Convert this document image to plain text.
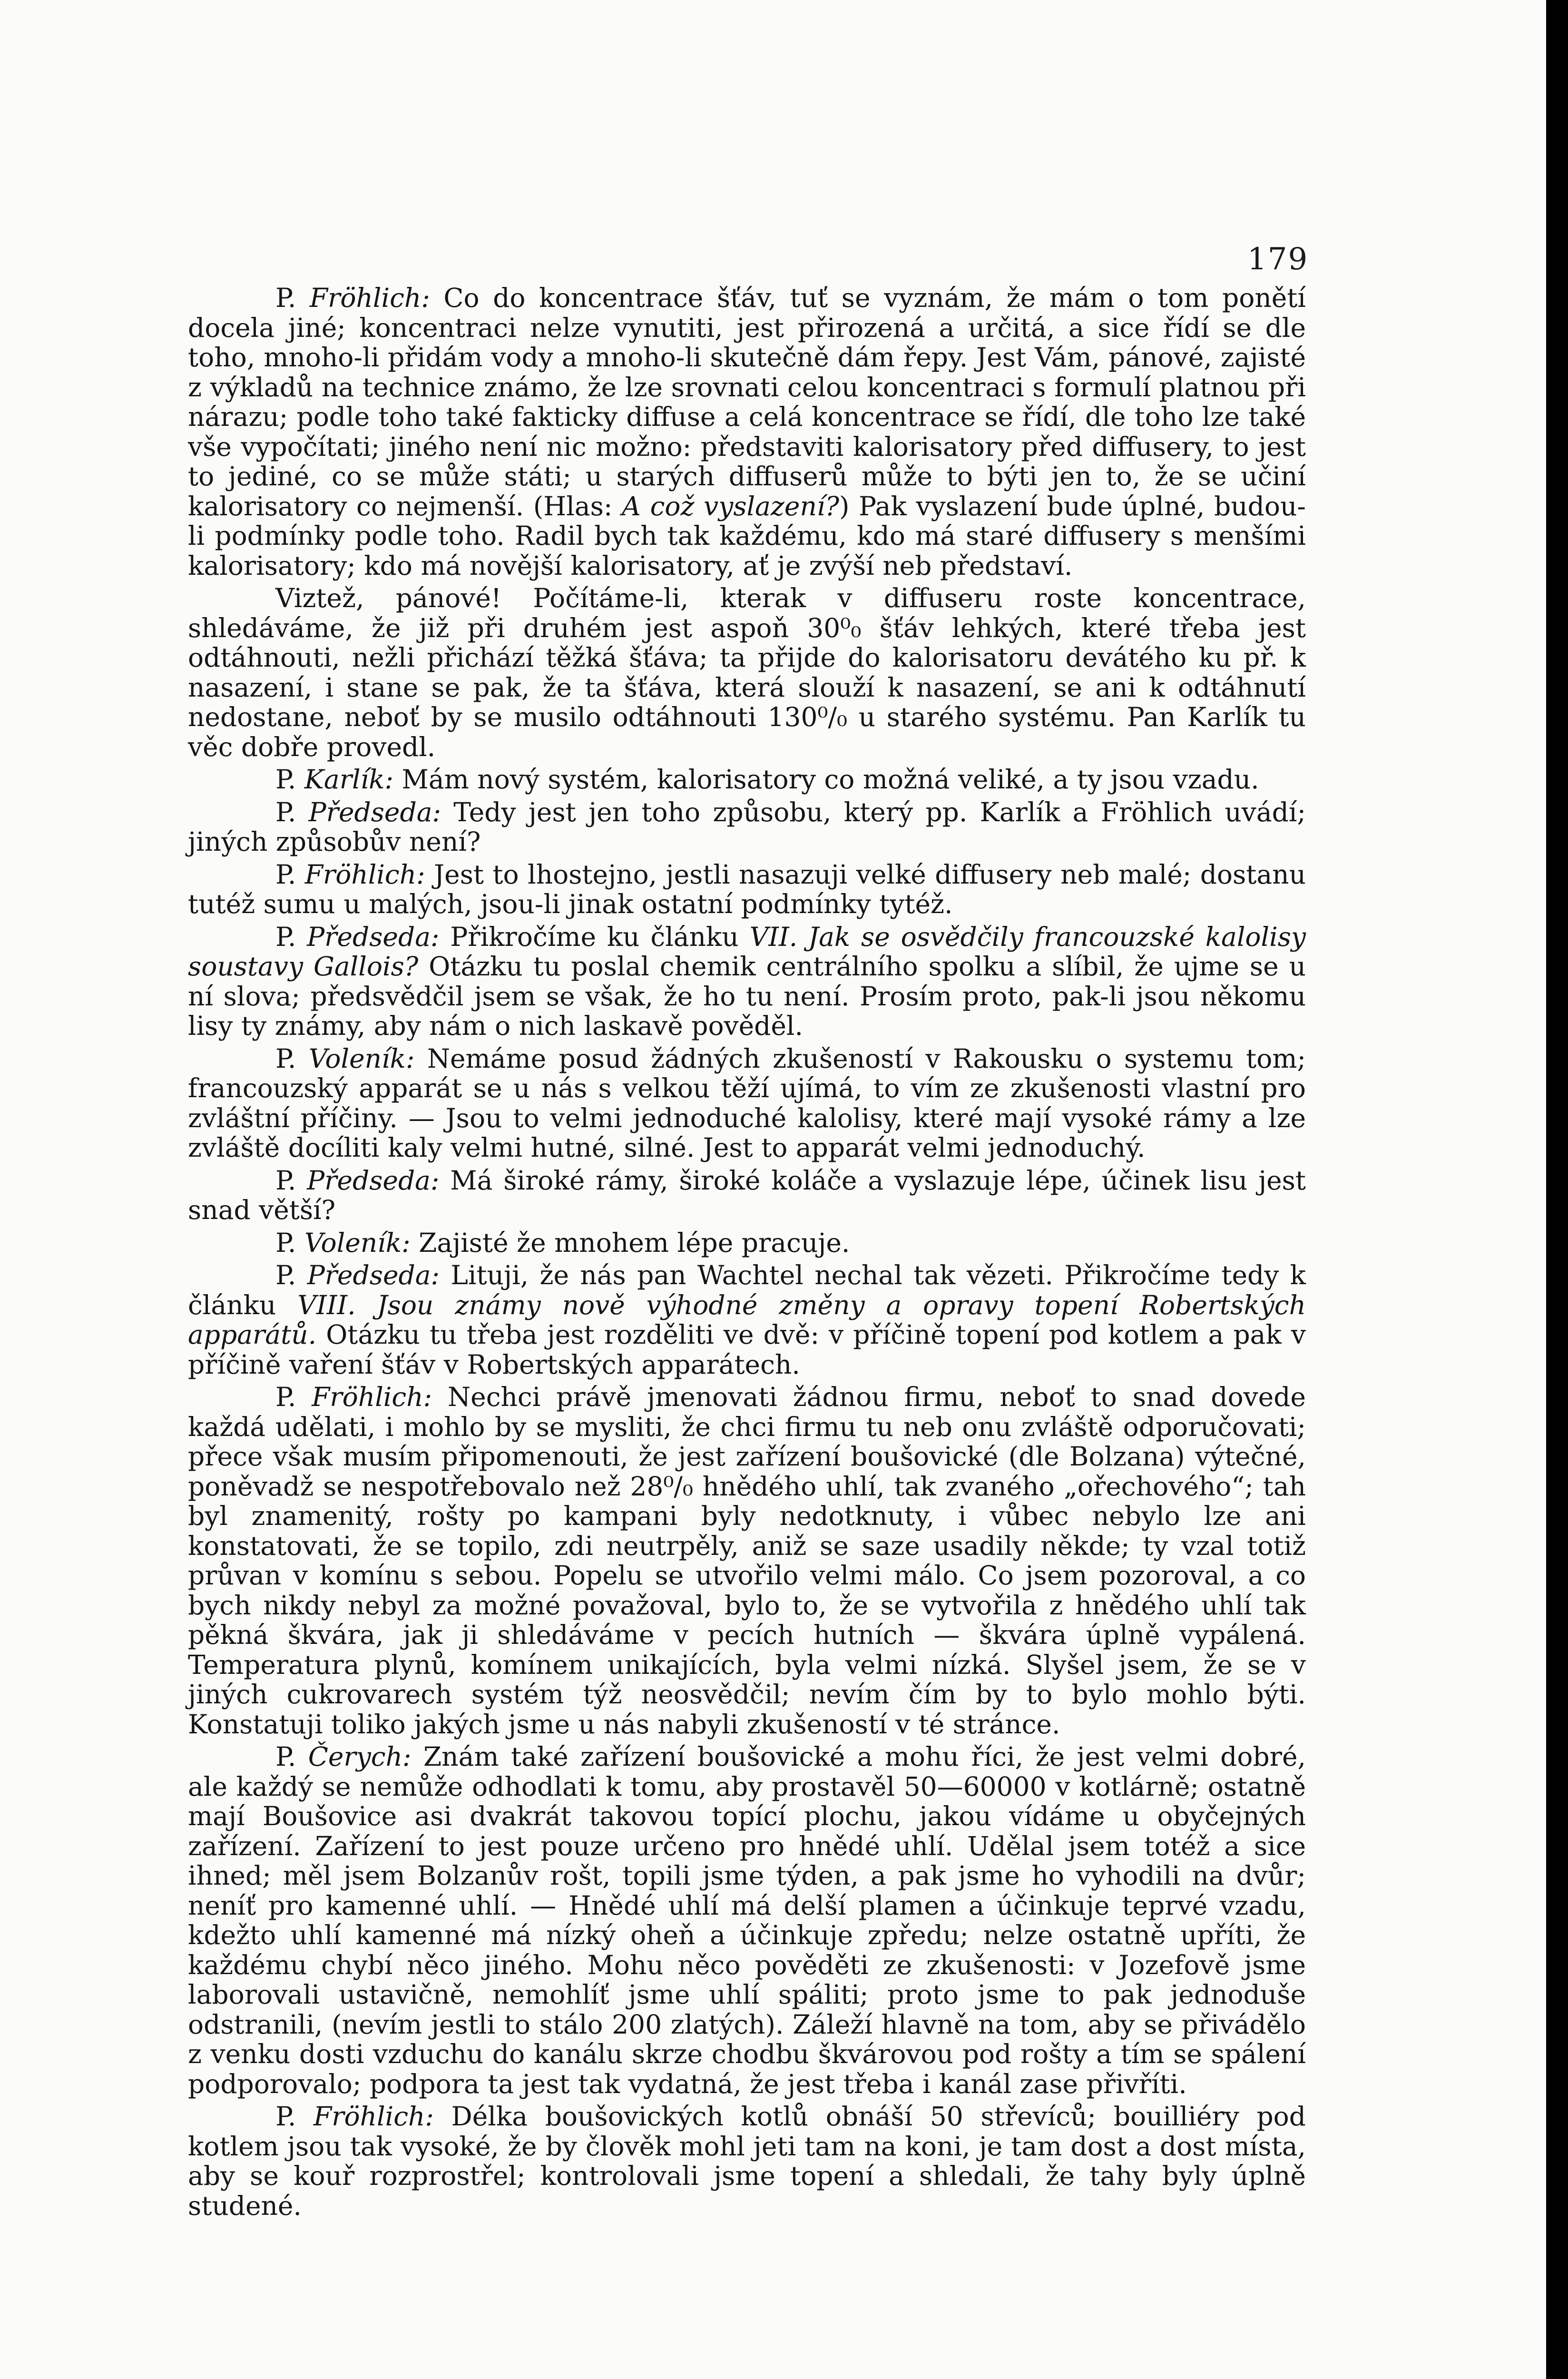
179

P. Fröhlich: Co do koncentrace šťáv, tuť se vyznám, že mám o tom ponětí docela jiné; koncentraci nelze vynutiti, jest přirozená a určitá, a sice řídí se dle toho, mnoho-li přidám vody a mnoho-li skutečně dám řepy. Jest Vám, pánové, zajisté z výkladů na technice známo, že lze srovnati celou koncentraci s formulí platnou při nárazu; podle toho také fakticky diffuse a celá koncentrace se řídí, dle toho lze také vše vypočítati; jiného není nic možno: představiti kalorisatory před diffusery, to jest to jediné, co se může státi; u starých diffuserů může to býti jen to, že se učiní kalorisatory co nejmenší. (Hlas: A což vyslazení?) Pak vyslazení bude úplné, budou-li podmínky podle toho. Radil bych tak každému, kdo má staré diffusery s menšími kalorisatory; kdo má novější kalorisatory, ať je zvýší neb představí.

Viztež, pánové! Počítáme-li, kterak v diffuseru roste koncentrace, shledáváme, že již při druhém jest aspoň 30⁰₀ šťáv lehkých, které třeba jest odtáhnouti, nežli přichází těžká šťáva; ta přijde do kalorisatoru devátého ku př. k nasazení, i stane se pak, že ta šťáva, která slouží k nasazení, se ani k odtáhnutí nedostane, neboť by se musilo odtáhnouti 130⁰/₀ u starého systému. Pan Karlík tu věc dobře provedl.

P. Karlík: Mám nový systém, kalorisatory co možná veliké, a ty jsou vzadu.

P. Předseda: Tedy jest jen toho způsobu, který pp. Karlík a Fröhlich uvádí; jiných způsobův není?

P. Fröhlich: Jest to lhostejno, jestli nasazuji velké diffusery neb malé; dostanu tutéž sumu u malých, jsou-li jinak ostatní podmínky tytéž.

P. Předseda: Přikročíme ku článku VII. Jak se osvědčily francouzské kalolisy soustavy Gallois? Otázku tu poslal chemik centrálního spolku a slíbil, že ujme se u ní slova; předsvědčil jsem se však, že ho tu není. Prosím proto, pak-li jsou někomu lisy ty známy, aby nám o nich laskavě pověděl.

P. Voleník: Nemáme posud žádných zkušeností v Rakousku o systemu tom; francouzský apparát se u nás s velkou těží ujímá, to vím ze zkušenosti vlastní pro zvláštní příčiny. — Jsou to velmi jednoduché kalolisy, které mají vysoké rámy a lze zvláště docíliti kaly velmi hutné, silné. Jest to apparát velmi jednoduchý.

P. Předseda: Má široké rámy, široké koláče a vyslazuje lépe, účinek lisu jest snad větší?

P. Voleník: Zajisté že mnohem lépe pracuje.

P. Předseda: Lituji, že nás pan Wachtel nechal tak vězeti. Přikročíme tedy k článku VIII. Jsou známy nově výhodné změny a opravy topení Robertských apparátů. Otázku tu třeba jest rozděliti ve dvě: v příčině topení pod kotlem a pak v příčině vaření šťáv v Robertských apparátech.

P. Fröhlich: Nechci právě jmenovati žádnou firmu, neboť to snad dovede každá udělati, i mohlo by se mysliti, že chci firmu tu neb onu zvláště odporučovati; přece však musím připomenouti, že jest zařízení boušovické (dle Bolzana) výtečné, poněvadž se nespotřebovalo než 28⁰/₀ hnědého uhlí, tak zvaného „ořechového“; tah byl znamenitý, rošty po kampani byly nedotknuty, i vůbec nebylo lze ani konstatovati, že se topilo, zdi neutrpěly, aniž se saze usadily někde; ty vzal totiž průvan v komínu s sebou. Popelu se utvořilo velmi málo. Co jsem pozoroval, a co bych nikdy nebyl za možné považoval, bylo to, že se vytvořila z hnědého uhlí tak pěkná škvára, jak ji shledáváme v pecích hutních — škvára úplně vypálená. Temperatura plynů, komínem unikajících, byla velmi nízká. Slyšel jsem, že se v jiných cukrovarech systém týž neosvědčil; nevím čím by to bylo mohlo býti. Konstatuji toliko jakých jsme u nás nabyli zkušeností v té stránce.

P. Čerych: Znám také zařízení boušovické a mohu říci, že jest velmi dobré, ale každý se nemůže odhodlati k tomu, aby prostavěl 50—60000 v kotlárně; ostatně mají Boušovice asi dvakrát takovou topící plochu, jakou vídáme u obyčejných zařízení. Zařízení to jest pouze určeno pro hnědé uhlí. Udělal jsem totéž a sice ihned; měl jsem Bolzanův rošt, topili jsme týden, a pak jsme ho vyhodili na dvůr; neníť pro kamenné uhlí. — Hnědé uhlí má delší plamen a účinkuje teprvé vzadu, kdežto uhlí kamenné má nízký oheň a účinkuje zpředu; nelze ostatně upříti, že každému chybí něco jiného. Mohu něco pověděti ze zkušenosti: v Jozefově jsme laborovali ustavičně, nemohlíť jsme uhlí spáliti; proto jsme to pak jednoduše odstranili, (nevím jestli to stálo 200 zlatých). Záleží hlavně na tom, aby se přivádělo z venku dosti vzduchu do kanálu skrze chodbu škvárovou pod rošty a tím se spálení podporovalo; podpora ta jest tak vydatná, že jest třeba i kanál zase přivříti.

P. Fröhlich: Délka boušovických kotlů obnáší 50 střevíců; bouilliéry pod kotlem jsou tak vysoké, že by člověk mohl jeti tam na koni, je tam dost a dost místa, aby se kouř rozprostřel; kontrolovali jsme topení a shledali, že tahy byly úplně studené.
